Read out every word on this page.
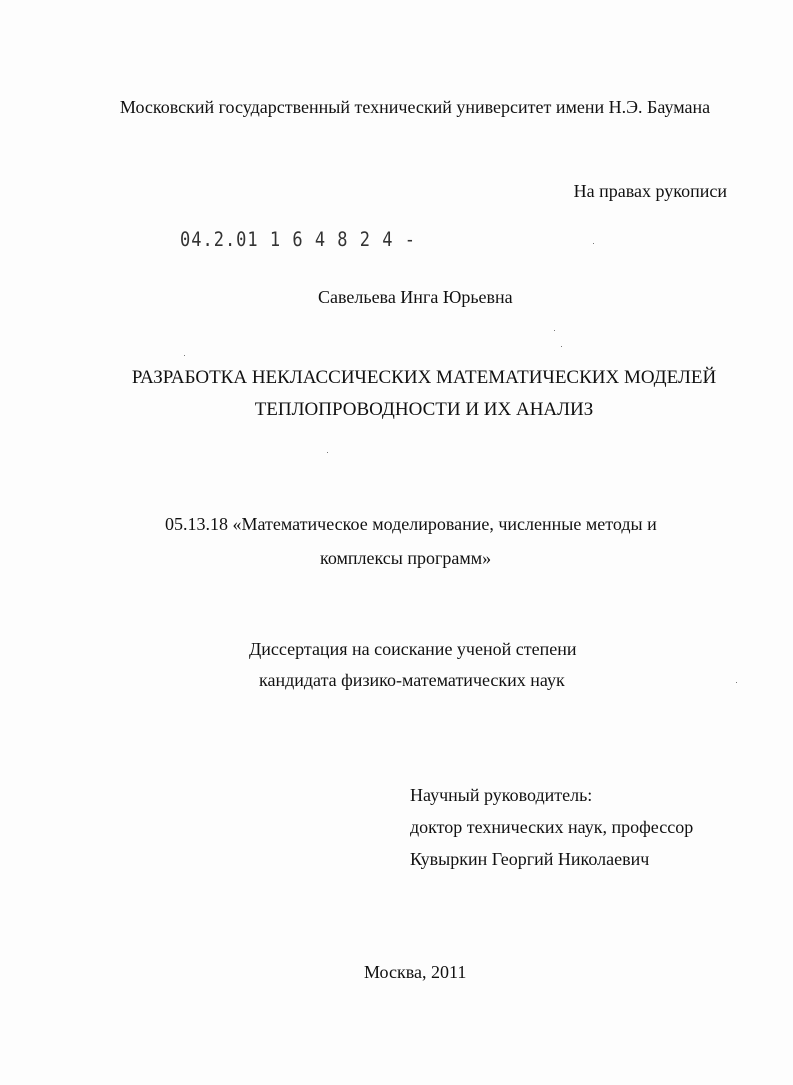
Московский государственный технический университет имени Н.Э. Баумана
На правах рукописи
04.2.01 1 6 4 8 2 4 -
Савельева Инга Юрьевна
РАЗРАБОТКА НЕКЛАССИЧЕСКИХ МАТЕМАТИЧЕСКИХ МОДЕЛЕЙ
ТЕПЛОПРОВОДНОСТИ И ИХ АНАЛИЗ
05.13.18 «Математическое моделирование, численные методы и
комплексы программ»
Диссертация на соискание ученой степени
кандидата физико-математических наук
Научный руководитель:
доктор технических наук, профессор
Кувыркин Георгий Николаевич
Москва, 2011
